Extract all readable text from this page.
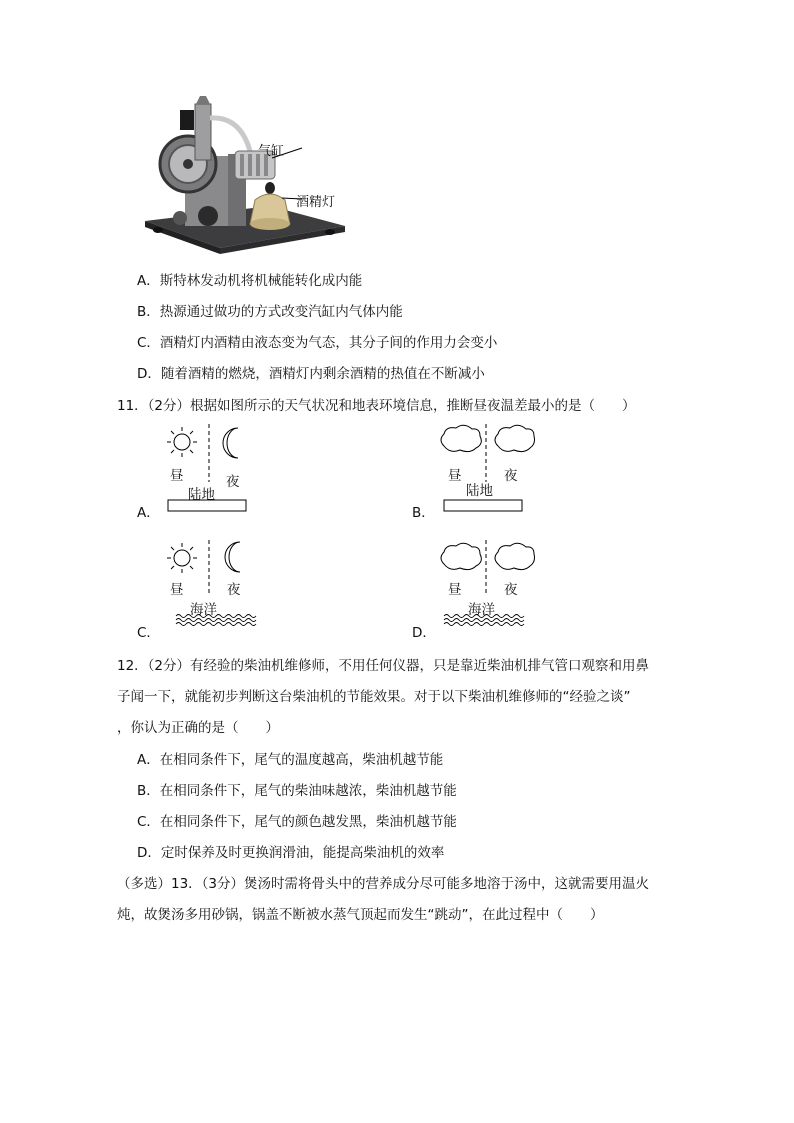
气缸
酒精灯
A．斯特林发动机将机械能转化成内能
B．热源通过做功的方式改变汽缸内气体内能
C．酒精灯内酒精由液态变为气态，其分子间的作用力会变小
D．随着酒精的燃烧，酒精灯内剩余酒精的热值在不断减小
11．（2分）根据如图所示的天气状况和地表环境信息，推断昼夜温差最小的是（　　）
昼	夜
陆地
A．
昼	夜
陆地
B．
昼	夜
海洋
C．
昼	夜
海洋
D．
12．（2分）有经验的柴油机维修师，不用任何仪器，只是靠近柴油机排气管口观察和用鼻
子闻一下，就能初步判断这台柴油机的节能效果。对于以下柴油机维修师的“经验之谈”
，你认为正确的是（　　）
A．在相同条件下，尾气的温度越高，柴油机越节能
B．在相同条件下，尾气的柴油味越浓，柴油机越节能
C．在相同条件下，尾气的颜色越发黑，柴油机越节能
D．定时保养及时更换润滑油，能提高柴油机的效率
（多选）13．（3分）煲汤时需将骨头中的营养成分尽可能多地溶于汤中，这就需要用温火
炖，故煲汤多用砂锅，锅盖不断被水蒸气顶起而发生“跳动”，在此过程中（　　）
